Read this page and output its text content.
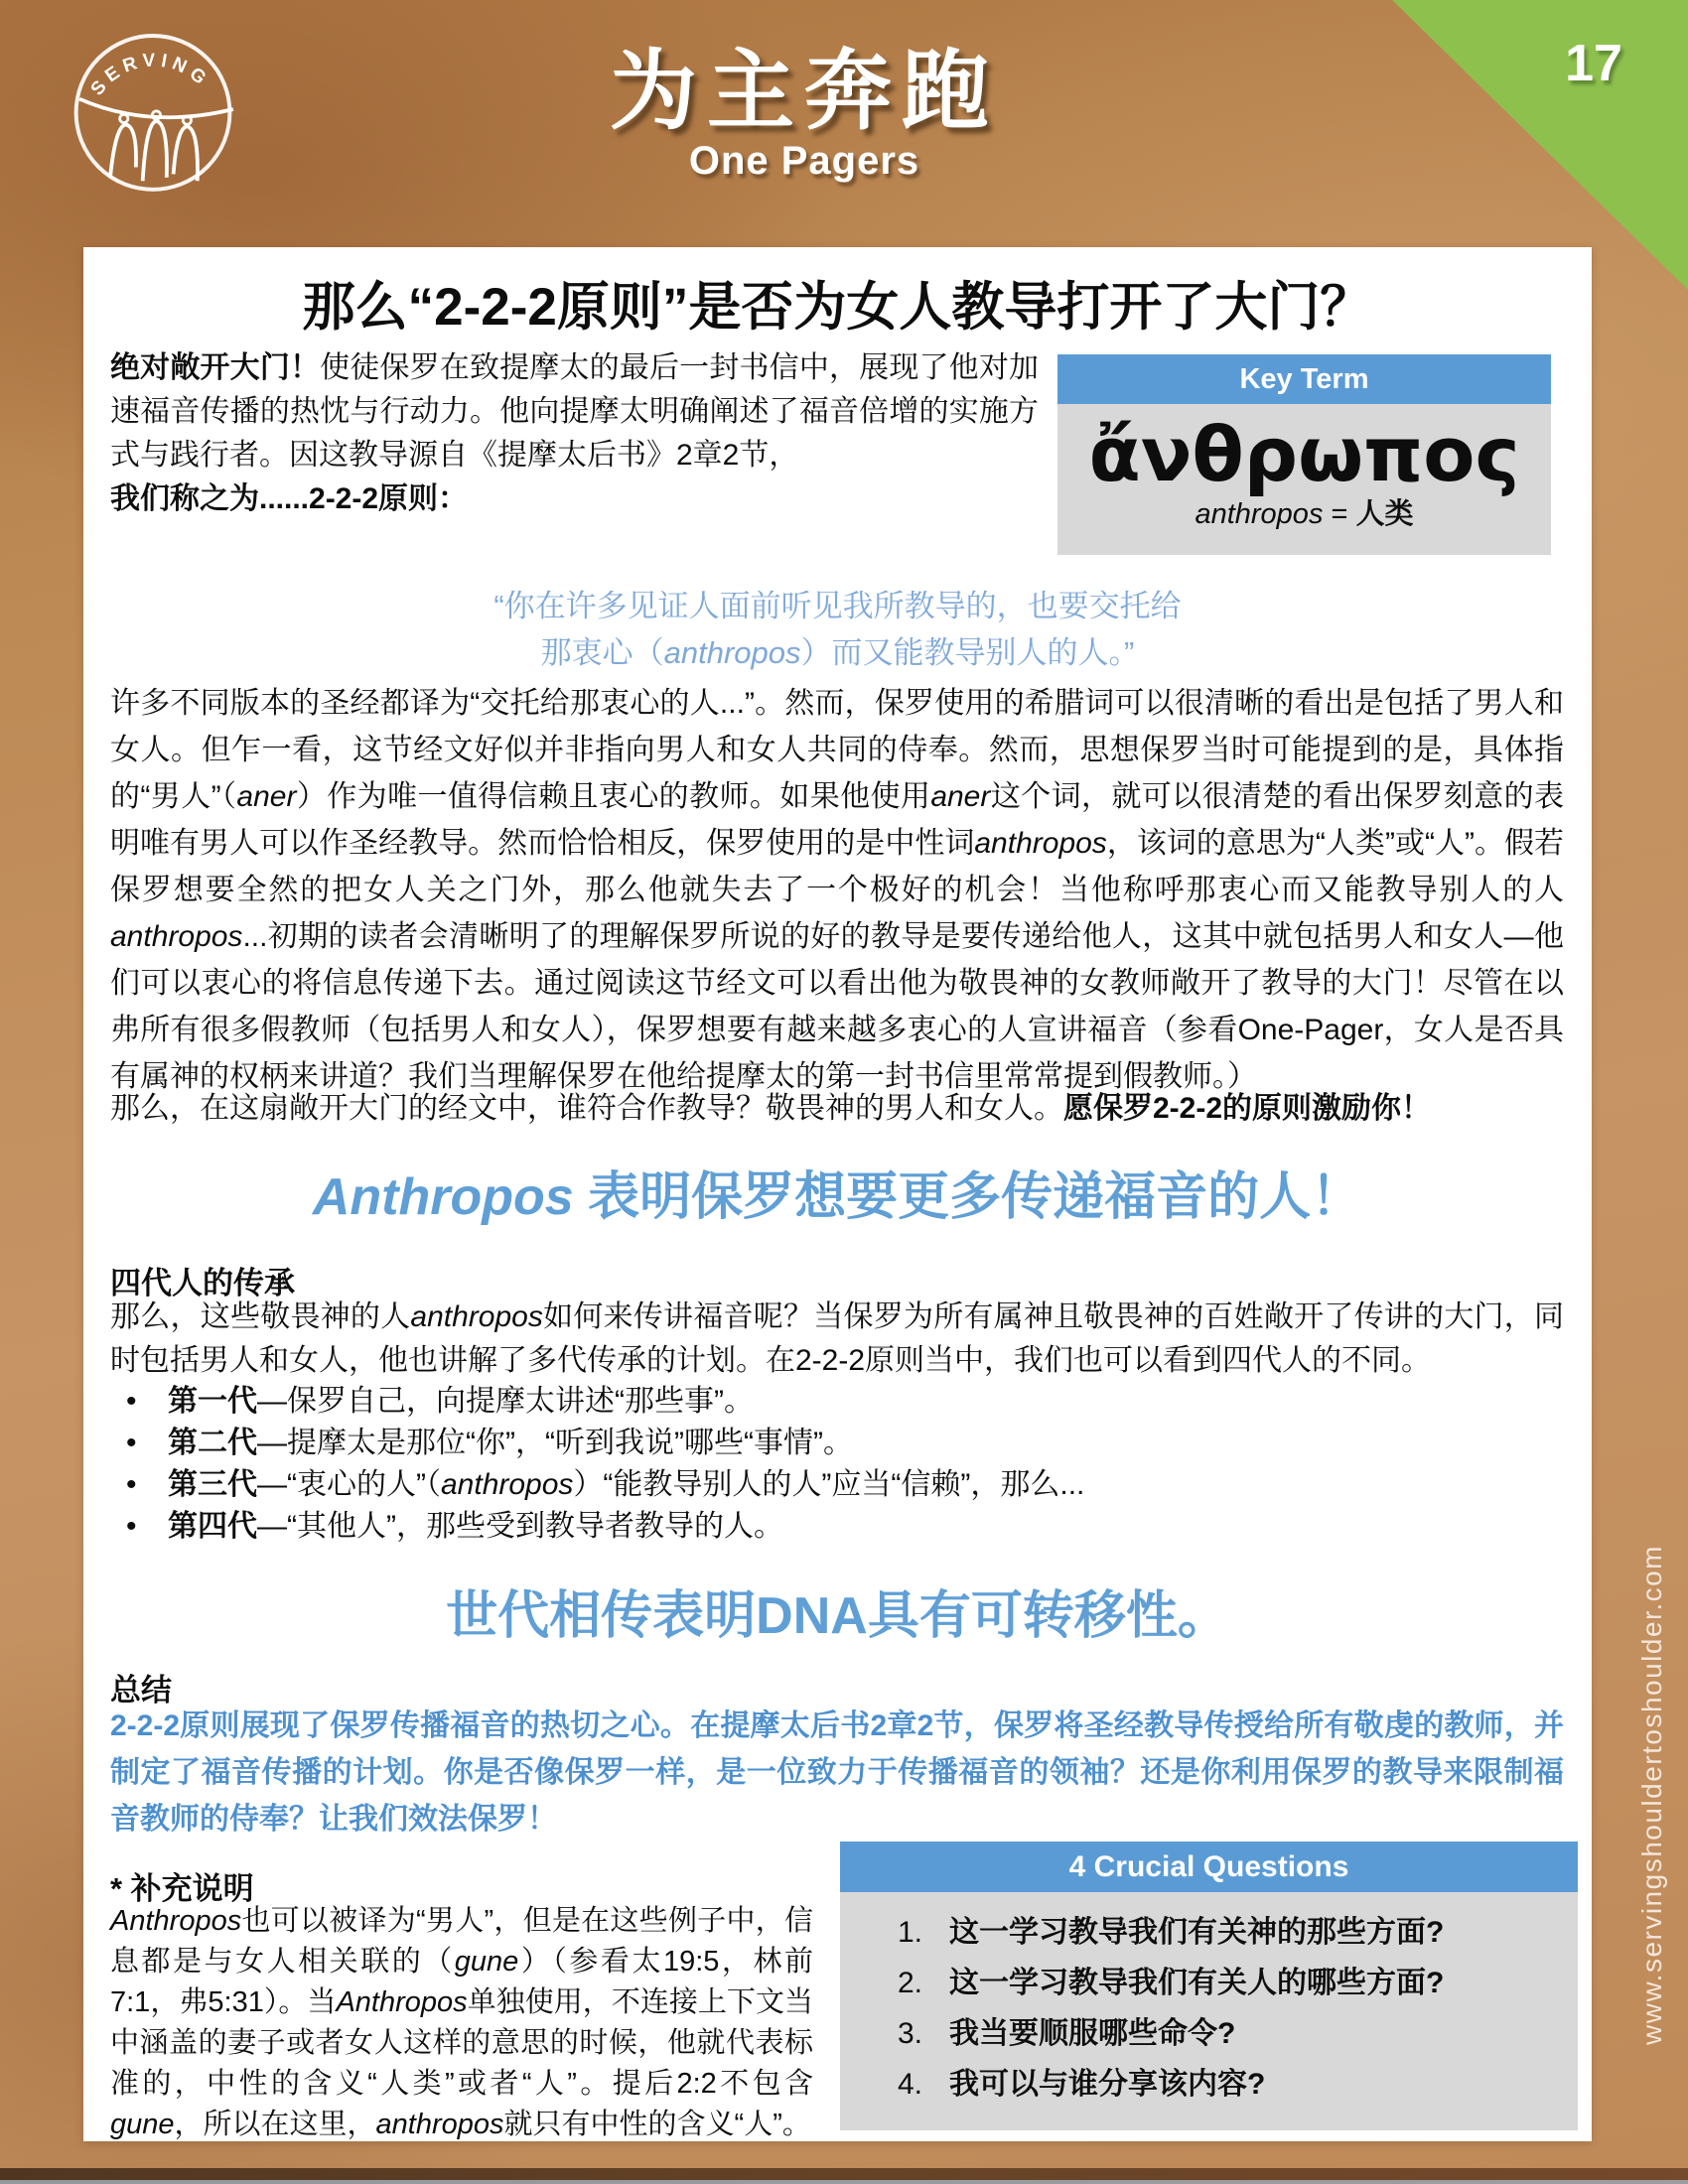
17
SERVING	为主奔跑
One Pagers
那么“2-2-2原则”是否为女人教导打开了大门？
绝对敞开大门！使徒保罗在致提摩太的最后一封书信中，展现了他对加速福音传播的热忱与行动力。他向提摩太明确阐述了福音倍增的实施方式与践行者。因这教导源自《提摩太后书》2章2节，
我们称之为......2-2-2原则：
Key Term
ἄνθρωπος
anthropos = 人类
“你在许多见证人面前听见我所教导的，也要交托给
那衷心（anthropos）而又能教导别人的人。”
许多不同版本的圣经都译为“交托给那衷心的人...”。然而，保罗使用的希腊词可以很清晰的看出是包括了男人和女人。但乍一看，这节经文好似并非指向男人和女人共同的侍奉。然而，思想保罗当时可能提到的是，具体指的“男人”（aner）作为唯一值得信赖且衷心的教师。如果他使用aner这个词，就可以很清楚的看出保罗刻意的表明唯有男人可以作圣经教导。然而恰恰相反，保罗使用的是中性词anthropos，该词的意思为“人类”或“人”。假若保罗想要全然的把女人关之门外，那么他就失去了一个极好的机会！当他称呼那衷心而又能教导别人的人anthropos...初期的读者会清晰明了的理解保罗所说的好的教导是要传递给他人，这其中就包括男人和女人—他们可以衷心的将信息传递下去。通过阅读这节经文可以看出他为敬畏神的女教师敞开了教导的大门！尽管在以弗所有很多假教师（包括男人和女人），保罗想要有越来越多衷心的人宣讲福音（参看One-Pager，女人是否具有属神的权柄来讲道？我们当理解保罗在他给提摩太的第一封书信里常常提到假教师。）
那么，在这扇敞开大门的经文中，谁符合作教导？敬畏神的男人和女人。愿保罗2-2-2的原则激励你！
Anthropos 表明保罗想要更多传递福音的人！
四代人的传承
那么，这些敬畏神的人anthropos如何来传讲福音呢？当保罗为所有属神且敬畏神的百姓敞开了传讲的大门，同时包括男人和女人，他也讲解了多代传承的计划。在2-2-2原则当中，我们也可以看到四代人的不同。
• 第一代—保罗自己，向提摩太讲述“那些事”。
• 第二代—提摩太是那位“你”，“听到我说”哪些“事情”。
• 第三代—“衷心的人”（anthropos）“能教导别人的人”应当“信赖”，那么...
• 第四代—“其他人”，那些受到教导者教导的人。
世代相传表明DNA具有可转移性。
总结
2-2-2原则展现了保罗传播福音的热切之心。在提摩太后书2章2节，保罗将圣经教导传授给所有敬虔的教师，并制定了福音传播的计划。你是否像保罗一样，是一位致力于传播福音的领袖？还是你利用保罗的教导来限制福音教师的侍奉？让我们效法保罗！
* 补充说明
Anthropos也可以被译为“男人”，但是在这些例子中，信息都是与女人相关联的（gune）（参看太19:5，林前7:1，弗5:31）。当Anthropos单独使用，不连接上下文当中涵盖的妻子或者女人这样的意思的时候，他就代表标准的，中性的含义“人类”或者“人”。提后2:2不包含gune，所以在这里，anthropos就只有中性的含义“人”。
4 Crucial Questions
1. 这一学习教导我们有关神的那些方面?
2. 这一学习教导我们有关人的哪些方面?
3. 我当要顺服哪些命令?
4. 我可以与谁分享该内容?
www.servingshouldertoshoulder.com
